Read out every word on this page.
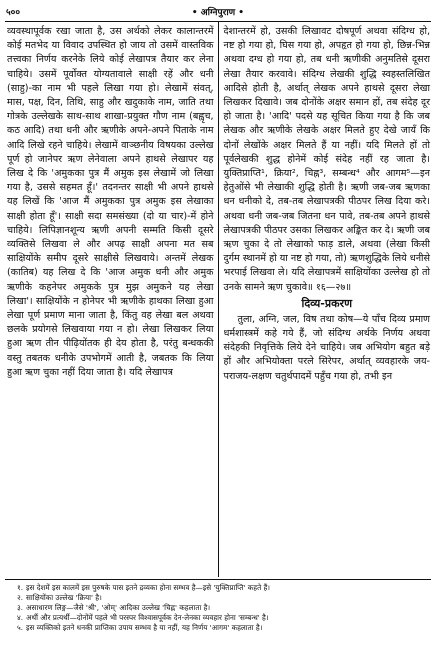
५००	• अग्निपुराण •

व्यवस्थापूर्वक रखा जाता है, उस अर्थको लेकर कालान्तरमें कोई मतभेद या विवाद उपस्थित हो जाय तो उसमें वास्तविक तत्त्वका निर्णय करनेके लिये कोई लेखापत्र तैयार कर लेना चाहिये। उसमें पूर्वोक्त योग्यतावाले साक्षी रहें और धनी (साहु)-का नाम भी पहले लिखा गया हो। लेखामें संवत्‌, मास, पक्ष, दिन, तिथि, साहु और खदुकाके नाम, जाति तथा गोत्रके उल्लेखके साथ-साथ शाखा-प्रयुक्त गौण नाम (बह्वृच, कठ आदि) तथा धनी और ऋणीके अपने-अपने पिताके नाम आदि लिखे रहने चाहिये। लेखामें वाञ्छनीय विषयका उल्लेख पूर्ण हो जानेपर ऋण लेनेवाला अपने हाथसे लेखापर यह लिख दे कि 'अमुकका पुत्र मैं अमुक इस लेखामें जो लिखा गया है, उससे सहमत हूँ।' तदनन्तर साक्षी भी अपने हाथसे यह लिखें कि 'आज मैं अमुकका पुत्र अमुक इस लेखाका साक्षी होता हूँ'। साक्षी सदा समसंख्या (दो या चार)-में होने चाहिये। लिपिज्ञानशून्य ऋणी अपनी सम्मति किसी दूसरे व्यक्तिसे लिखवा ले और अपढ़ साक्षी अपना मत सब साक्षियोंके समीप दूसरे साक्षीसे लिखवाये। अन्तमें लेखक (कातिब) यह लिख दे कि 'आज अमुक धनी और अमुक ऋणीके कहनेपर अमुकके पुत्र मुझ अमुकने यह लेखा लिखा'। साक्षियोंके न होनेपर भी ऋणीके हाथका लिखा हुआ लेखा पूर्ण प्रमाण माना जाता है, किंतु वह लेखा बल अथवा छलके प्रयोगसे लिखवाया गया न हो। लेखा लिखकर लिया हुआ ऋण तीन पीढ़ियोंतक ही देय होता है, परंतु बन्धककी वस्तु तबतक धनीके उपभोगमें आती है, जबतक कि लिया हुआ ऋण चुका नहीं दिया जाता है। यदि लेखापत्र

देशान्तरमें हो, उसकी लिखावट दोषपूर्ण अथवा संदिग्ध हो, नष्ट हो गया हो, घिस गया हो, अपहृत हो गया हो, छिन्न-भिन्न अथवा दग्ध हो गया हो, तब धनी ऋणीकी अनुमतिसे दूसरा लेखा तैयार करवावे। संदिग्ध लेखकी शुद्धि स्वहस्तलिखित आदिसे होती है, अर्थात्‌ लेखक अपने हाथसे दूसरा लेखा लिखकर दिखावे। जब दोनोंके अक्षर समान हों, तब संदेह दूर हो जाता है। 'आदि' पदसे यह सूचित किया गया है कि जब लेखक और ऋणीके लेखके अक्षर मिलते हुए देखे जायँ कि दोनों लेखोंके अक्षर मिलते हैं या नहीं। यदि मिलते हों तो पूर्वलेखकी शुद्ध होनेमें कोई संदेह नहीं रह जाता है। युक्तिप्राप्ति¹, क्रिया², चिह्न³, सम्बन्ध⁴ और आगम⁵—इन हेतुओंसे भी लेखाकी शुद्धि होती है। ऋणी जब-जब ऋणका धन धनीको दे, तब-तब लेखापत्रकी पीठपर लिख दिया करे। अथवा धनी जब-जब जितना धन पावे, तब-तब अपने हाथसे लेखापत्रकी पीठपर उसका लिखकर अङ्कित कर दे। ऋणी जब ऋण चुका दे तो लेखाको फाड़ डाले, अथवा (लेखा किसी दुर्गम स्थानमें हो या नष्ट हो गया, तो) ऋणशुद्धिके लिये धनीसे भरपाई लिखवा ले। यदि लेखापत्रमें साक्षियोंका उल्लेख हो तो उनके सामने ऋण चुकावे॥ १६—२७॥

दिव्य-प्रकरण

तुला, अग्नि, जल, विष तथा कोष—ये पाँच दिव्य प्रमाण धर्मशास्त्रमें कहे गये हैं, जो संदिग्ध अर्थके निर्णय अथवा संदेहकी निवृत्तिके लिये देने चाहिये। जब अभियोग बहुत बड़े हों और अभियोक्ता परले सिरेपर, अर्थात्‌ व्यवहारके जय-पराजय-लक्षण चतुर्थपादमें पहुँच गया हो, तभी इन

१. इस देशमें इस कालमें इस पुरुषके पास इतने द्रव्यका होना सम्भव है—इसे 'युक्तिप्राप्ति' कहते हैं।
२. साक्षियोंका उल्लेख 'क्रिया' है।
३. असाधारण लिङ्ग—जैसे 'श्री', 'ओम्' आदिका उल्लेख 'चिह्न' कहलाता है।
४. अर्थी और प्रत्यर्थी—दोनोंमें पहले भी परस्पर विश्वासपूर्वक देन-लेनका व्यवहार होना 'सम्बन्ध' है।
५. इस व्यक्तिको इतने धनकी प्राप्तिका उपाय सम्भव है या नहीं, यह निर्णय 'आगम' कहलाता है।
